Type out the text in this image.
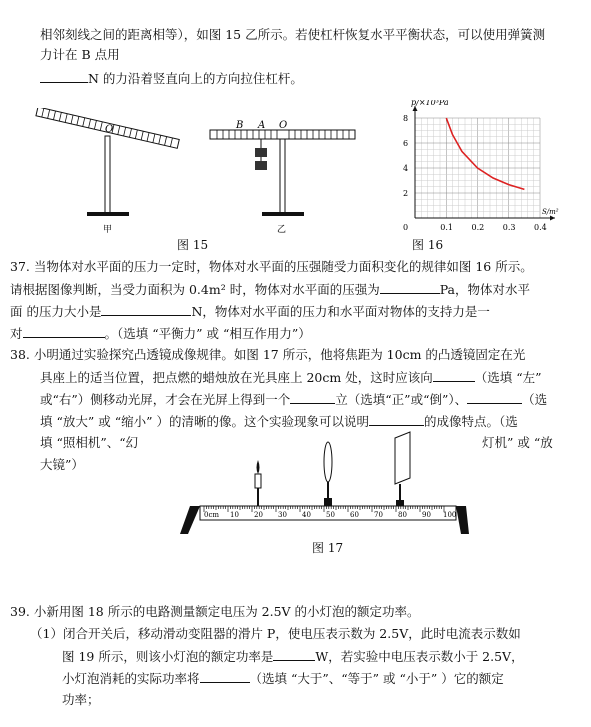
相邻刻线之间的距离相等），如图 15 乙所示。若使杠杆恢复水平平衡状态，可以使用弹簧测
力计在 B 点用
N 的力沿着竖直向上的方向拉住杠杆。
O
甲
B A O
乙
图 15
0	0.1 0.2 0.3 0.4
2
4
6
8
p/×10³Pa
S/m²
图 16
37. 当物体对水平面的压力一定时，物体对水平面的压强随受力面积变化的规律如图 16 所示。
请根据图像判断，当受力面积为 0.4m² 时，物体对水平面的压强为	Pa，物体对水平
面 的压力大小是	N，物体对水平面的压力和水平面对物体的支持力是一
对	。（选填 “平衡力” 或 “相互作用力”）
38. 小明通过实验探究凸透镜成像规律。如图 17 所示，他将焦距为 10cm 的凸透镜固定在光
具座上的适当位置，把点燃的蜡烛放在光具座上 20cm 处，这时应该向	（选填 “左”
或“右”）侧移动光屏，才会在光屏上得到一个	立（选填“正”或“倒”）、	（选
填 “放大” 或 “缩小” ）的清晰的像。这个实验现象可以说明	的成像特点。（选
填 “照相机”、“幻	灯机” 或 “放
大镜”）
0cm 10 20 30 40 50 60 70 80 90 100
图 17
39. 小新用图 18 所示的电路测量额定电压为 2.5V 的小灯泡的额定功率。
（1）闭合开关后，移动滑动变阻器的滑片 P，使电压表示数为 2.5V，此时电流表示数如
图 19 所示，则该小灯泡的额定功率是	W，若实验中电压表示数小于 2.5V，
小灯泡消耗的实际功率将	（选填 “大于”、“等于” 或 “小于” ）它的额定
功率；
